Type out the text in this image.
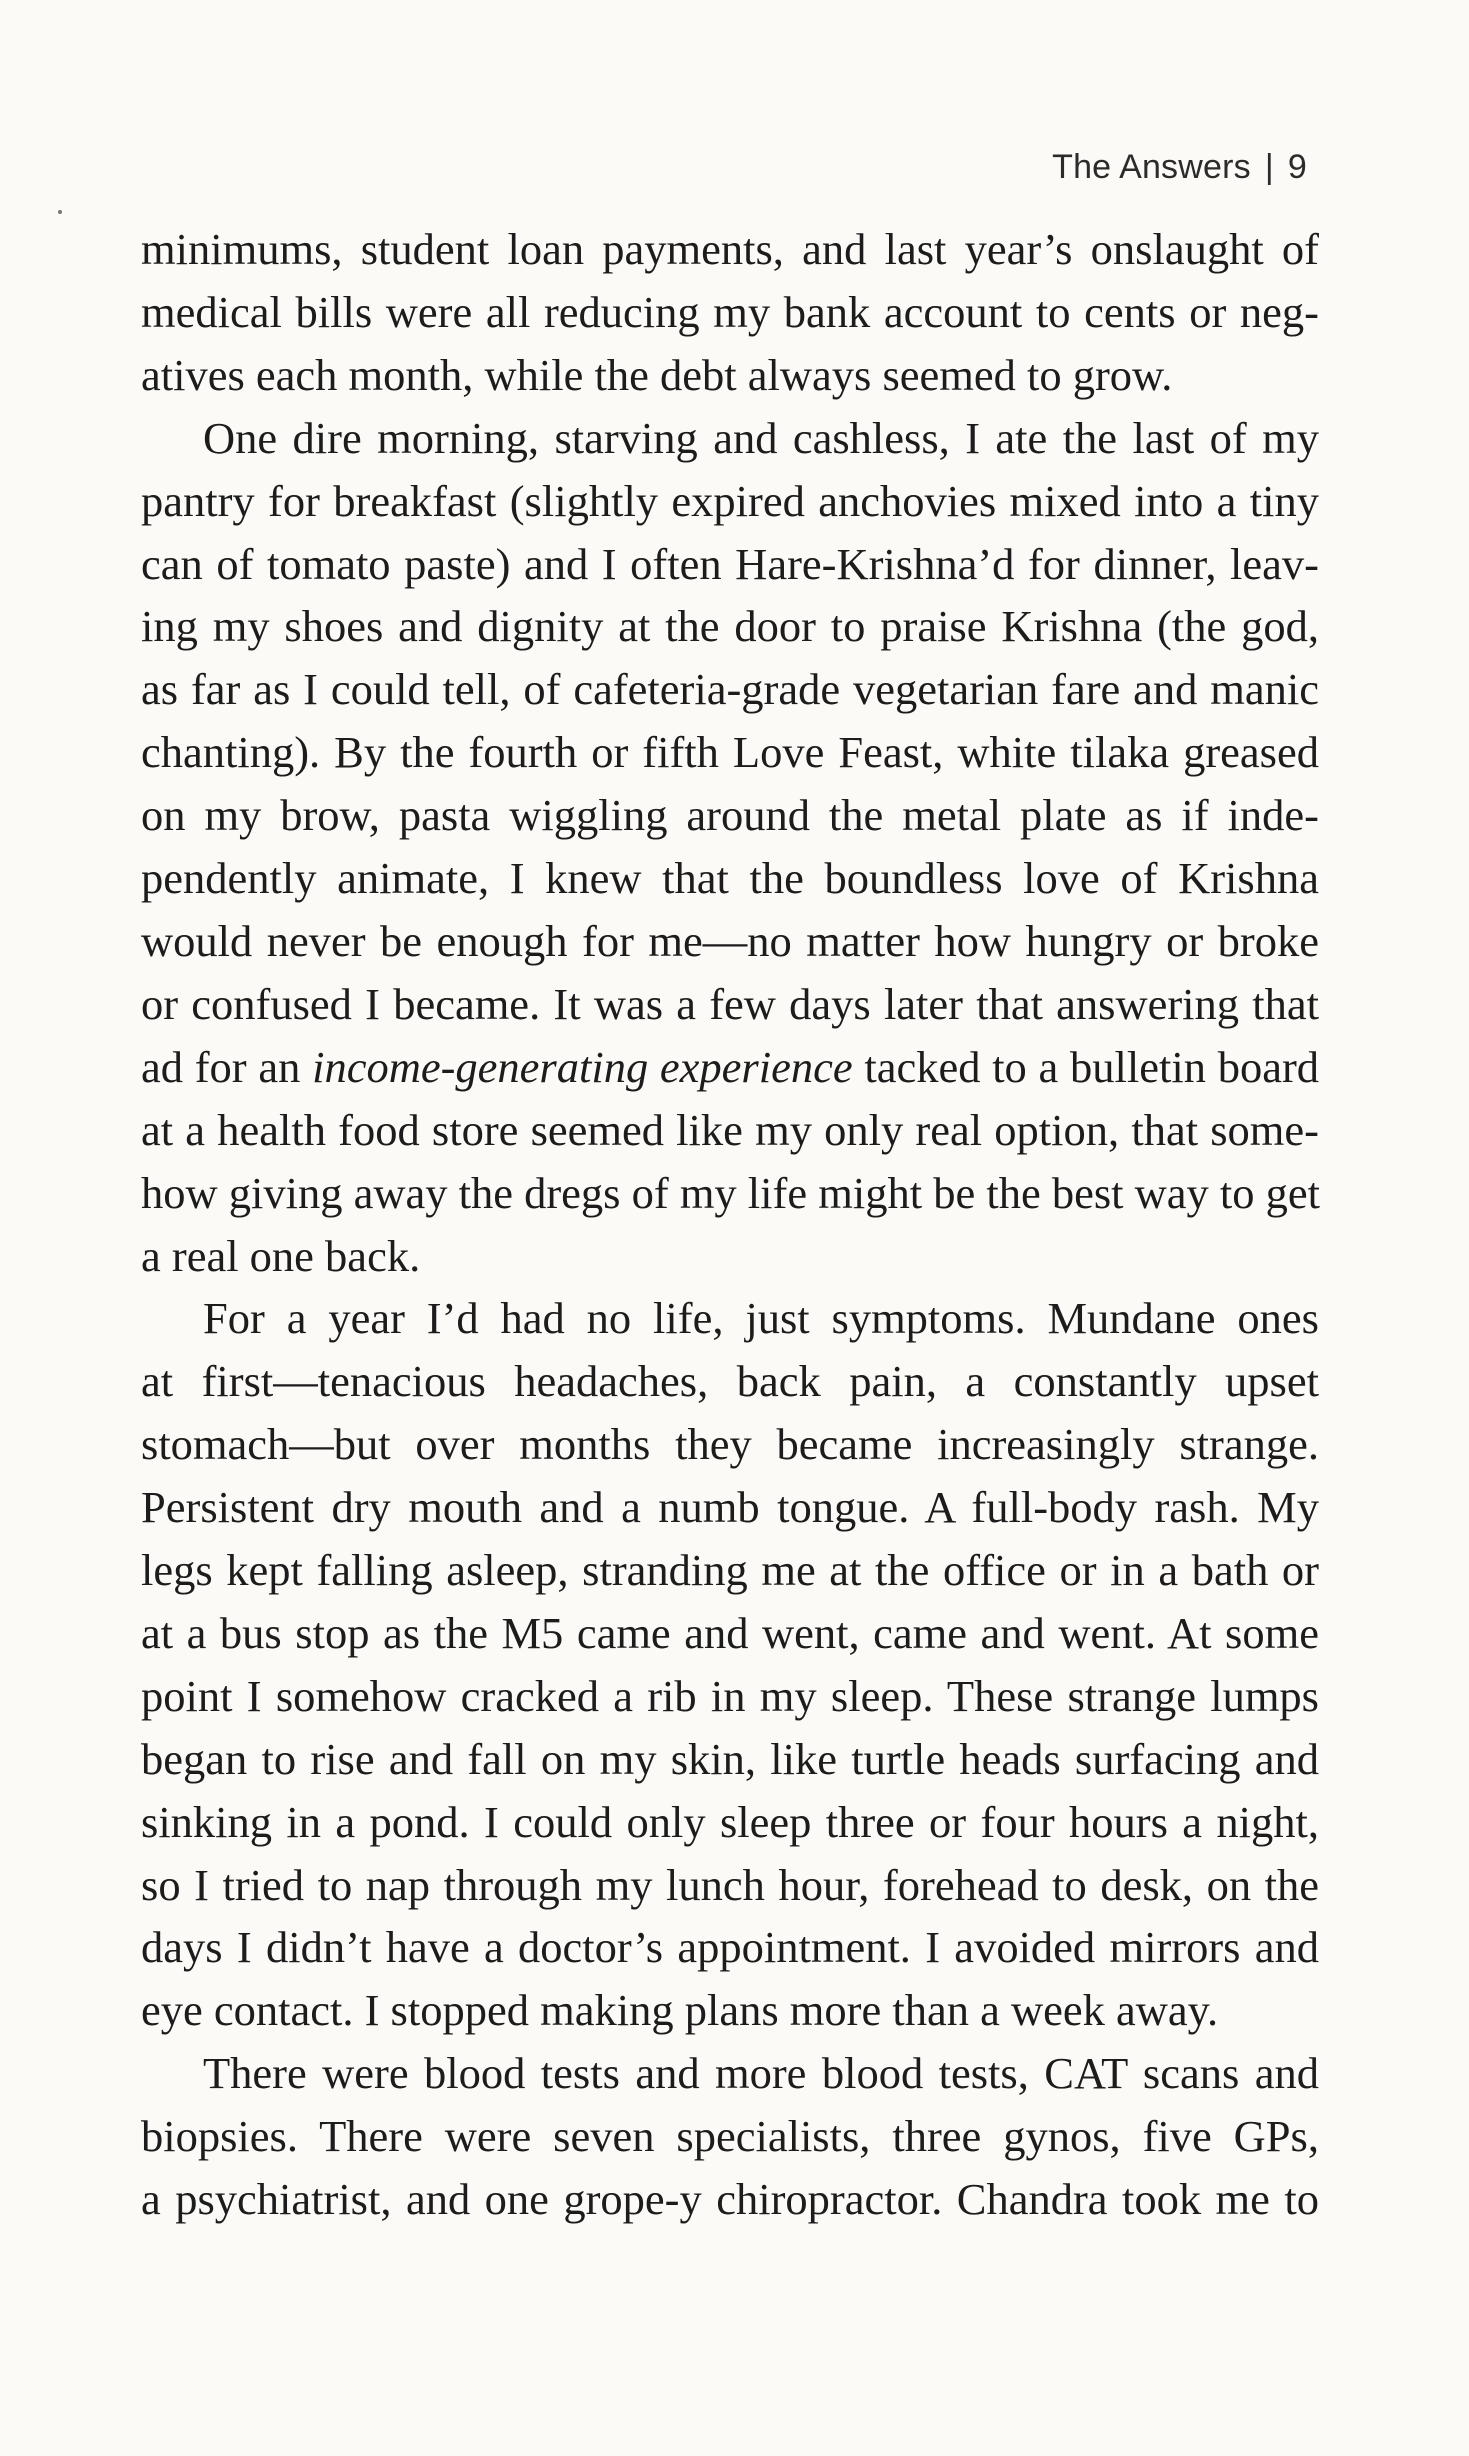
The Answers | 9

minimums, student loan payments, and last year’s onslaught of
medical bills were all reducing my bank account to cents or neg-
atives each month, while the debt always seemed to grow.

One dire morning, starving and cashless, I ate the last of my
pantry for breakfast (slightly expired anchovies mixed into a tiny
can of tomato paste) and I often Hare-Krishna’d for dinner, leav-
ing my shoes and dignity at the door to praise Krishna (the god,
as far as I could tell, of cafeteria-grade vegetarian fare and manic
chanting). By the fourth or fifth Love Feast, white tilaka greased
on my brow, pasta wiggling around the metal plate as if inde-
pendently animate, I knew that the boundless love of Krishna
would never be enough for me—no matter how hungry or broke
or confused I became. It was a few days later that answering that
ad for an income-generating experience tacked to a bulletin board
at a health food store seemed like my only real option, that some-
how giving away the dregs of my life might be the best way to get
a real one back.

For a year I’d had no life, just symptoms. Mundane ones
at first—tenacious headaches, back pain, a constantly upset
stomach—but over months they became increasingly strange.
Persistent dry mouth and a numb tongue. A full-body rash. My
legs kept falling asleep, stranding me at the office or in a bath or
at a bus stop as the M5 came and went, came and went. At some
point I somehow cracked a rib in my sleep. These strange lumps
began to rise and fall on my skin, like turtle heads surfacing and
sinking in a pond. I could only sleep three or four hours a night,
so I tried to nap through my lunch hour, forehead to desk, on the
days I didn’t have a doctor’s appointment. I avoided mirrors and
eye contact. I stopped making plans more than a week away.

There were blood tests and more blood tests, CAT scans and
biopsies. There were seven specialists, three gynos, five GPs,
a psychiatrist, and one grope-y chiropractor. Chandra took me to
